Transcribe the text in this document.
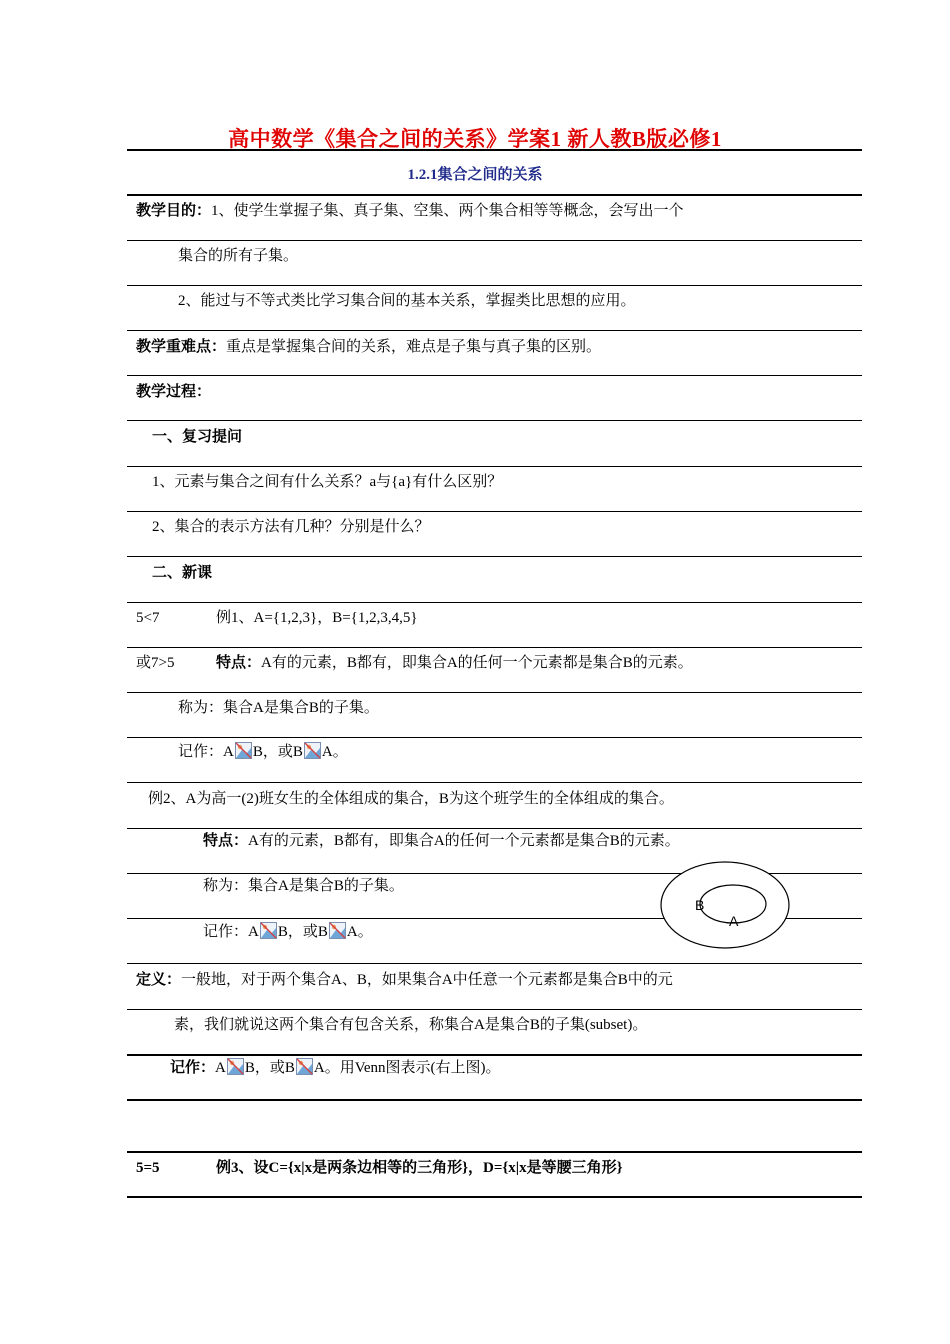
高中数学《集合之间的关系》学案1 新人教B版必修1
1.2.1集合之间的关系
教学目的：1、使学生掌握子集、真子集、空集、两个集合相等等概念，会写出一个
集合的所有子集。
2、能过与不等式类比学习集合间的基本关系，掌握类比思想的应用。
教学重难点：重点是掌握集合间的关系，难点是子集与真子集的区别。
教学过程：
一、复习提问
1、元素与集合之间有什么关系？a与{a}有什么区别？
2、集合的表示方法有几种？分别是什么？
二、新课
5<7	例1、A={1,2,3}，B={1,2,3,4,5}
或7>5	特点：A有的元素，B都有，即集合A的任何一个元素都是集合B的元素。
称为：集合A是集合B的子集。
记作：A B，或B A。
例2、A为高一(2)班女生的全体组成的集合，B为这个班学生的全体组成的集合。
特点：A有的元素，B都有，即集合A的任何一个元素都是集合B的元素。
称为：集合A是集合B的子集。
记作：A B，或B A。
B
A
定义：一般地，对于两个集合A、B，如果集合A中任意一个元素都是集合B中的元
素，我们就说这两个集合有包含关系，称集合A是集合B的子集(subset)。
记作：A B，或B A。用Venn图表示(右上图)。
5=5	例3、设C={x|x是两条边相等的三角形}，D={x|x是等腰三角形}
